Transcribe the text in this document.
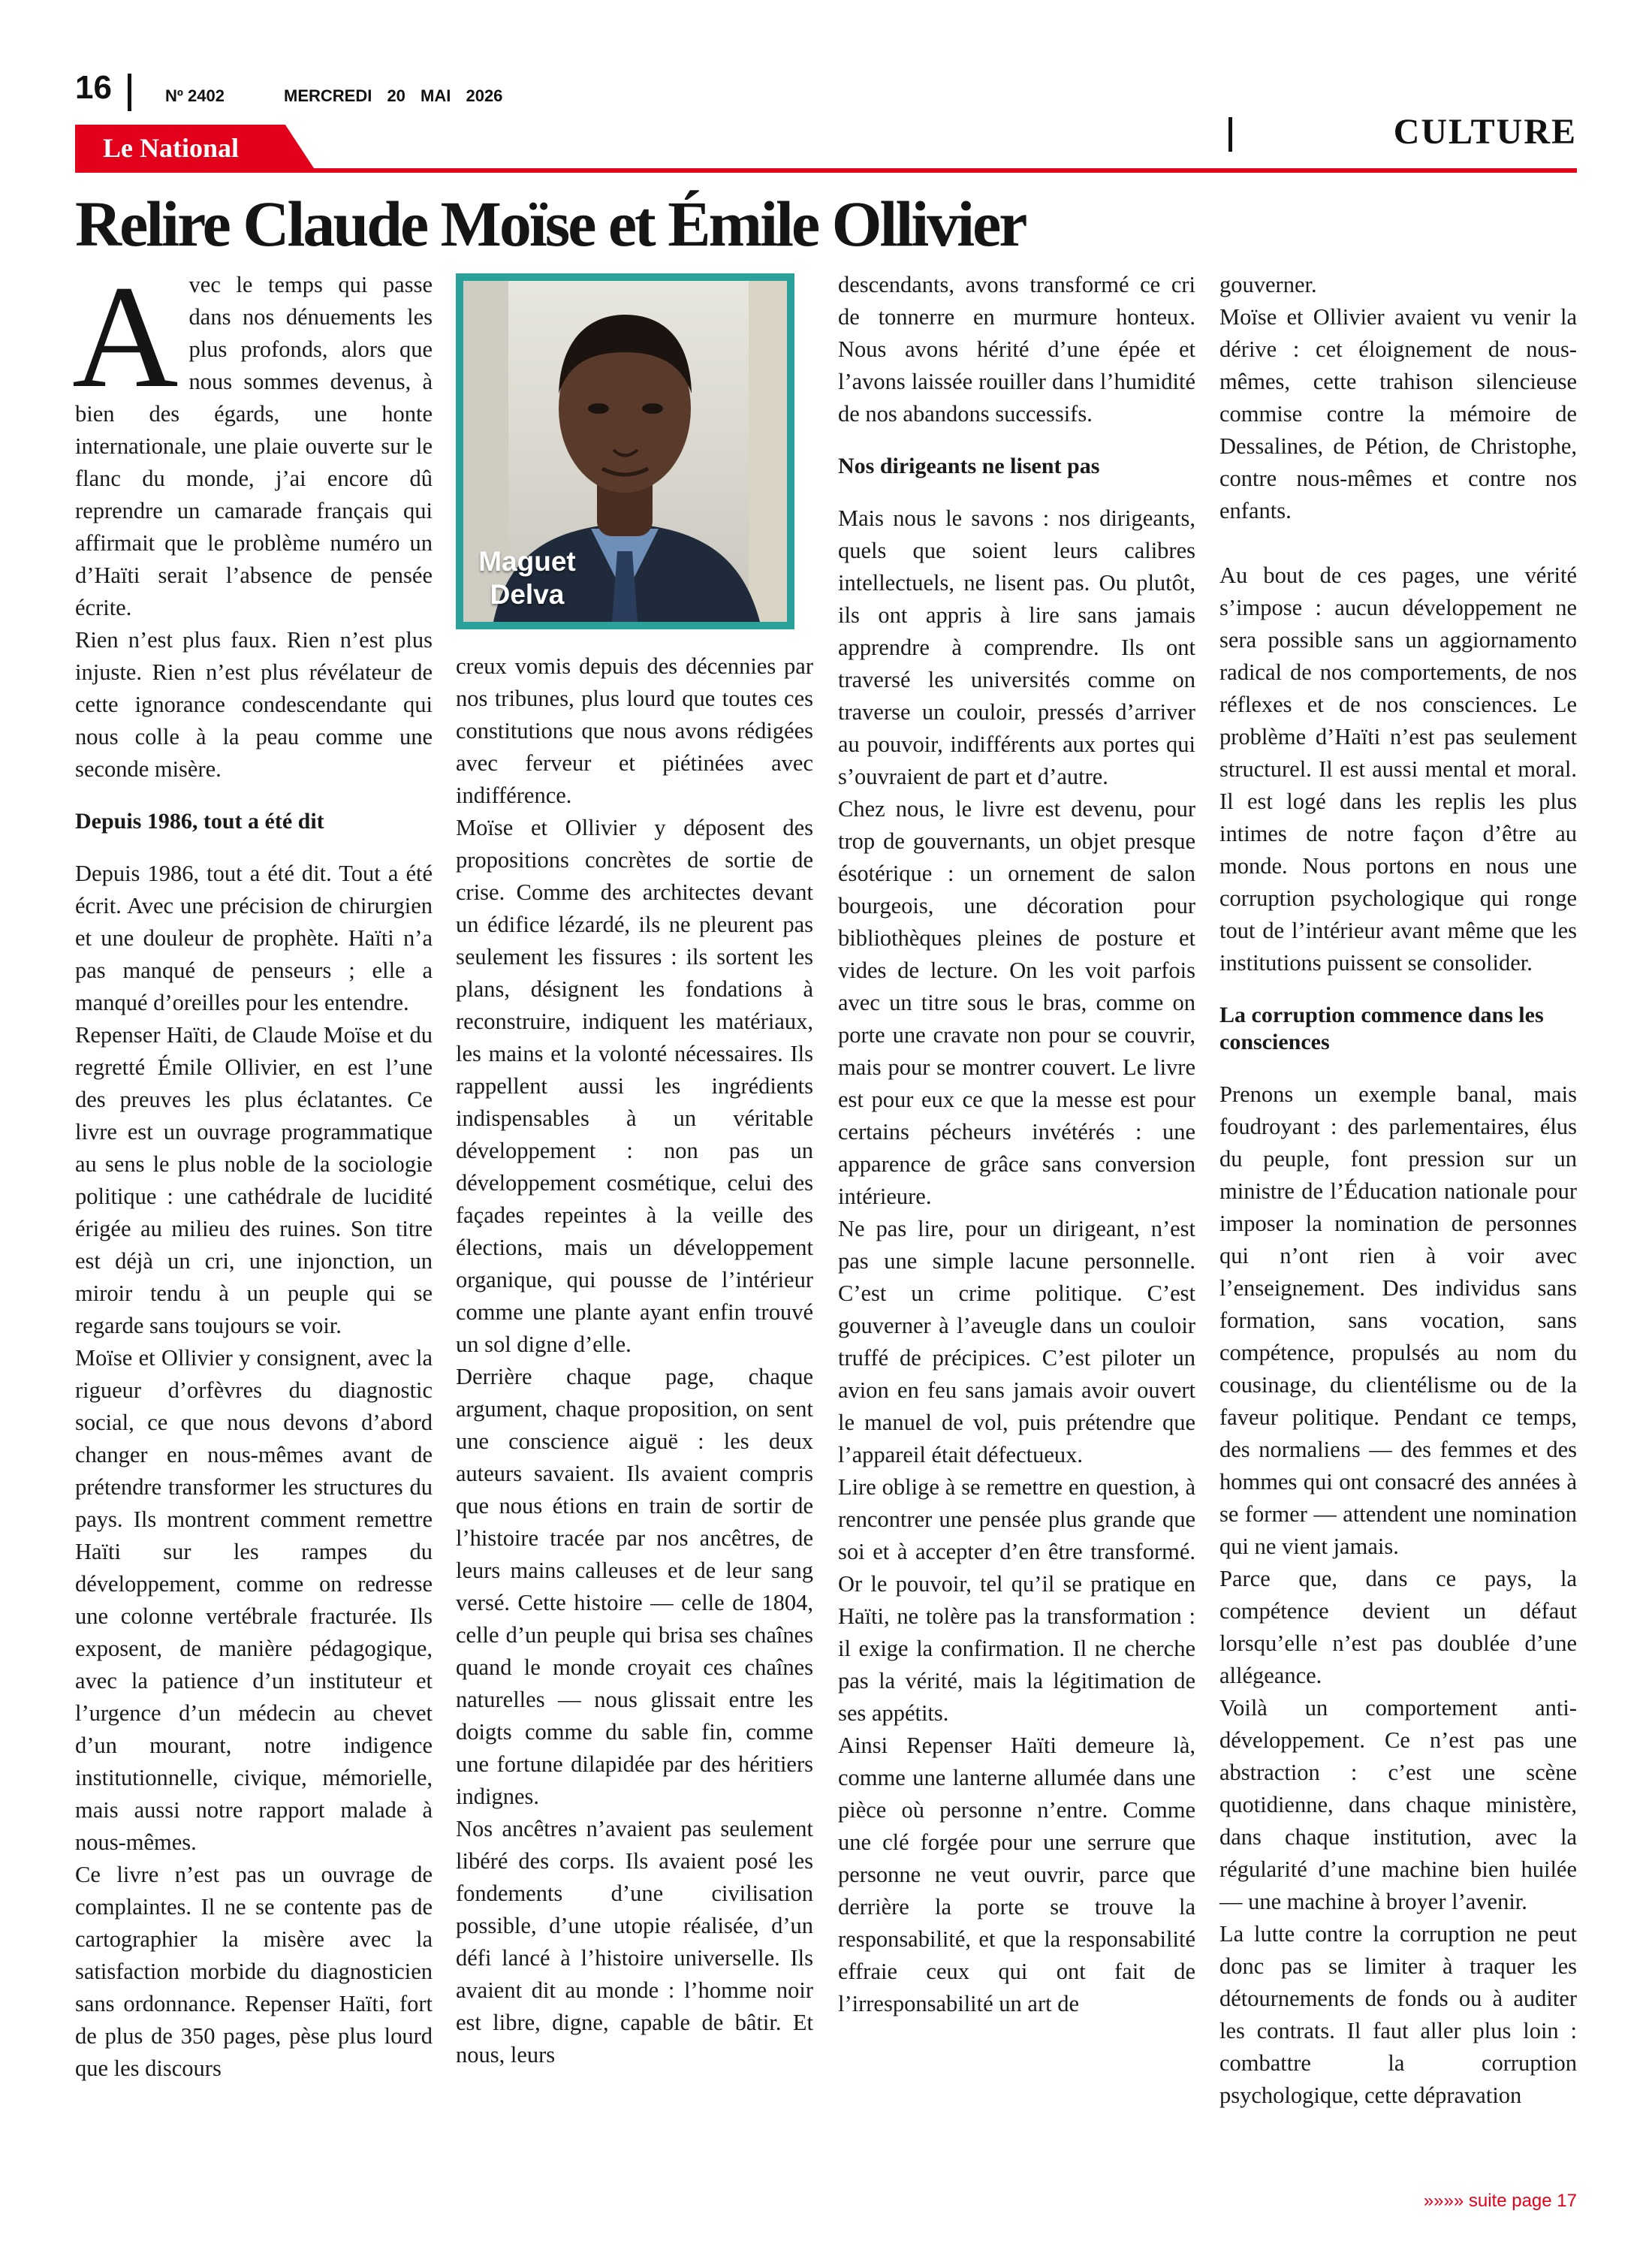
16	Nº 2402	MERCREDI 20 MAI 2026
CULTURE
Le National
Relire Claude Moïse et Émile Ollivier
Maguet
Delva

Avec le temps qui passe dans nos dénuements les plus profonds, alors que nous sommes devenus, à bien des égards, une honte internationale, une plaie ouverte sur le flanc du monde, j’ai encore dû reprendre un camarade français qui affirmait que le problème numéro un d’Haïti serait l’absence de pensée écrite.

Rien n’est plus faux. Rien n’est plus injuste. Rien n’est plus révélateur de cette ignorance condescendante qui nous colle à la peau comme une seconde misère.

Depuis 1986, tout a été dit

Depuis 1986, tout a été dit. Tout a été écrit. Avec une précision de chirurgien et une douleur de prophète. Haïti n’a pas manqué de penseurs ; elle a manqué d’oreilles pour les entendre.

Repenser Haïti, de Claude Moïse et du regretté Émile Ollivier, en est l’une des preuves les plus éclatantes. Ce livre est un ouvrage programmatique au sens le plus noble de la sociologie politique : une cathédrale de lucidité érigée au milieu des ruines. Son titre est déjà un cri, une injonction, un miroir tendu à un peuple qui se regarde sans toujours se voir.

Moïse et Ollivier y consignent, avec la rigueur d’orfèvres du diagnostic social, ce que nous devons d’abord changer en nous-mêmes avant de prétendre transformer les structures du pays. Ils montrent comment remettre Haïti sur les rampes du développement, comme on redresse une colonne vertébrale fracturée. Ils exposent, de manière pédagogique, avec la patience d’un instituteur et l’urgence d’un médecin au chevet d’un mourant, notre indigence institutionnelle, civique, mémorielle, mais aussi notre rapport malade à nous-mêmes.

Ce livre n’est pas un ouvrage de complaintes. Il ne se contente pas de cartographier la misère avec la satisfaction morbide du diagnosticien sans ordonnance. Repenser Haïti, fort de plus de 350 pages, pèse plus lourd que les discours

creux vomis depuis des décennies par nos tribunes, plus lourd que toutes ces constitutions que nous avons rédigées avec ferveur et piétinées avec indifférence.

Moïse et Ollivier y déposent des propositions concrètes de sortie de crise. Comme des architectes devant un édifice lézardé, ils ne pleurent pas seulement les fissures : ils sortent les plans, désignent les fondations à reconstruire, indiquent les matériaux, les mains et la volonté nécessaires. Ils rappellent aussi les ingrédients indispensables à un véritable développement : non pas un développement cosmétique, celui des façades repeintes à la veille des élections, mais un développement organique, qui pousse de l’intérieur comme une plante ayant enfin trouvé un sol digne d’elle.

Derrière chaque page, chaque argument, chaque proposition, on sent une conscience aiguë : les deux auteurs savaient. Ils avaient compris que nous étions en train de sortir de l’histoire tracée par nos ancêtres, de leurs mains calleuses et de leur sang versé. Cette histoire — celle de 1804, celle d’un peuple qui brisa ses chaînes quand le monde croyait ces chaînes naturelles — nous glissait entre les doigts comme du sable fin, comme une fortune dilapidée par des héritiers indignes.

Nos ancêtres n’avaient pas seulement libéré des corps. Ils avaient posé les fondements d’une civilisation possible, d’une utopie réalisée, d’un défi lancé à l’histoire universelle. Ils avaient dit au monde : l’homme noir est libre, digne, capable de bâtir. Et nous, leurs

descendants, avons transformé ce cri de tonnerre en murmure honteux. Nous avons hérité d’une épée et l’avons laissée rouiller dans l’humidité de nos abandons successifs.

Nos dirigeants ne lisent pas

Mais nous le savons : nos dirigeants, quels que soient leurs calibres intellectuels, ne lisent pas. Ou plutôt, ils ont appris à lire sans jamais apprendre à comprendre. Ils ont traversé les universités comme on traverse un couloir, pressés d’arriver au pouvoir, indifférents aux portes qui s’ouvraient de part et d’autre.

Chez nous, le livre est devenu, pour trop de gouvernants, un objet presque ésotérique : un ornement de salon bourgeois, une décoration pour bibliothèques pleines de posture et vides de lecture. On les voit parfois avec un titre sous le bras, comme on porte une cravate non pour se couvrir, mais pour se montrer couvert. Le livre est pour eux ce que la messe est pour certains pécheurs invétérés : une apparence de grâce sans conversion intérieure.

Ne pas lire, pour un dirigeant, n’est pas une simple lacune personnelle. C’est un crime politique. C’est gouverner à l’aveugle dans un couloir truffé de précipices. C’est piloter un avion en feu sans jamais avoir ouvert le manuel de vol, puis prétendre que l’appareil était défectueux.

Lire oblige à se remettre en question, à rencontrer une pensée plus grande que soi et à accepter d’en être transformé. Or le pouvoir, tel qu’il se pratique en Haïti, ne tolère pas la transformation : il exige la confirmation. Il ne cherche pas la vérité, mais la légitimation de ses appétits.

Ainsi Repenser Haïti demeure là, comme une lanterne allumée dans une pièce où personne n’entre. Comme une clé forgée pour une serrure que personne ne veut ouvrir, parce que derrière la porte se trouve la responsabilité, et que la responsabilité effraie ceux qui ont fait de l’irresponsabilité un art de

gouverner.

Moïse et Ollivier avaient vu venir la dérive : cet éloignement de nous-mêmes, cette trahison silencieuse commise contre la mémoire de Dessalines, de Pétion, de Christophe, contre nous-mêmes et contre nos enfants.

Au bout de ces pages, une vérité s’impose : aucun développement ne sera possible sans un aggiornamento radical de nos comportements, de nos réflexes et de nos consciences. Le problème d’Haïti n’est pas seulement structurel. Il est aussi mental et moral. Il est logé dans les replis les plus intimes de notre façon d’être au monde. Nous portons en nous une corruption psychologique qui ronge tout de l’intérieur avant même que les institutions puissent se consolider.

La corruption commence dans les consciences

Prenons un exemple banal, mais foudroyant : des parlementaires, élus du peuple, font pression sur un ministre de l’Éducation nationale pour imposer la nomination de personnes qui n’ont rien à voir avec l’enseignement. Des individus sans formation, sans vocation, sans compétence, propulsés au nom du cousinage, du clientélisme ou de la faveur politique. Pendant ce temps, des normaliens — des femmes et des hommes qui ont consacré des années à se former — attendent une nomination qui ne vient jamais.

Parce que, dans ce pays, la compétence devient un défaut lorsqu’elle n’est pas doublée d’une allégeance.

Voilà un comportement anti-développement. Ce n’est pas une abstraction : c’est une scène quotidienne, dans chaque ministère, dans chaque institution, avec la régularité d’une machine bien huilée — une machine à broyer l’avenir.

La lutte contre la corruption ne peut donc pas se limiter à traquer les détournements de fonds ou à auditer les contrats. Il faut aller plus loin : combattre la corruption psychologique, cette dépravation

»»»» suite page 17
